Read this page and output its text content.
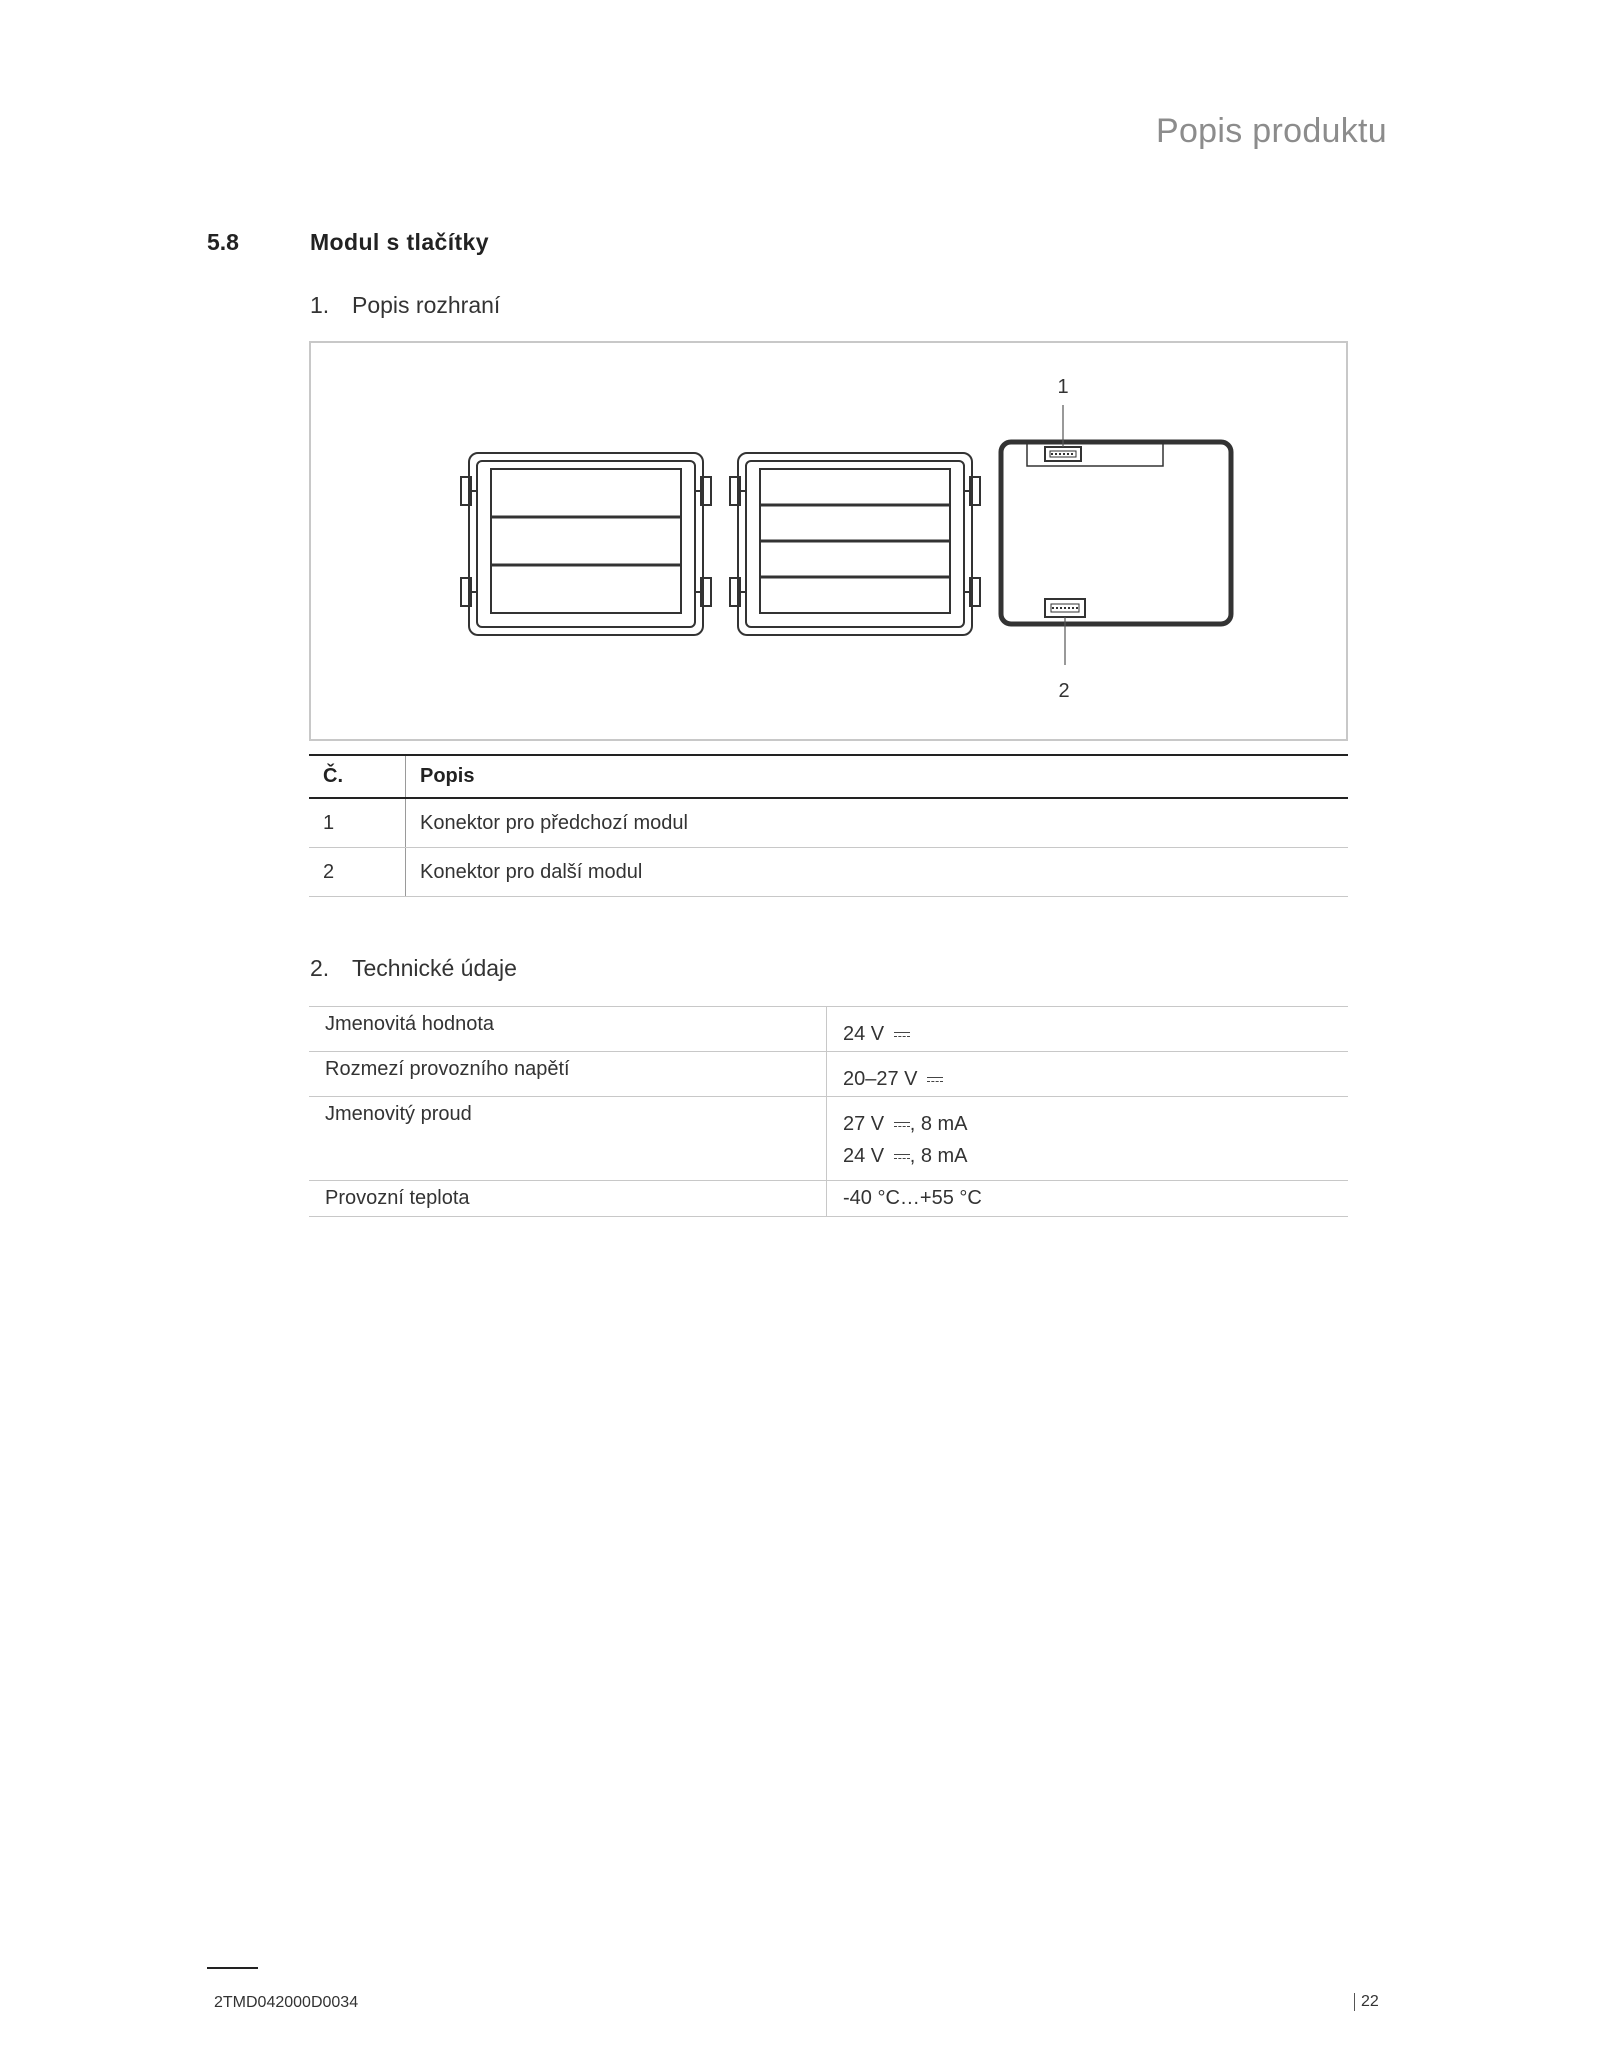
Popis produktu
5.8	Modul s tlačítky
1. Popis rozhraní
1
2
Č.	Popis
1	Konektor pro předchozí modul
2	Konektor pro další modul
2. Technické údaje
Jmenovitá hodnota	24 V

Rozmezí provozního napětí	20–27 V

Jmenovitý proud	27 V , 8 mA
24 V , 8 mA

Provozní teplota	-40 °C…+55 °C
2TMD042000D0034	22
